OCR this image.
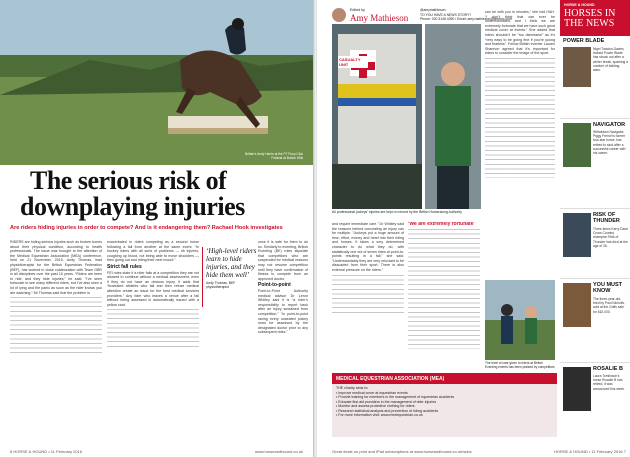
Britain’s Andy Harris at the P7 Pony Club Festival at Burton Hills
The serious risk of
downplaying injuries
Are riders hiding injuries in order to compete? And is it endangering them? Rachael Hook investigates

RIDERS are hiding serious injuries such as broken bones about their physical condition, according to health professionals. The issue was brought to the attention of the Medical Equestrian Association (MEA) conference, held on 21 November, 2015. Andy Thomas, lead physiotherapist for the British Equestrian Federation (BEF), has worked in close collaboration with Team GBR in all disciplines over the past 10 years. “Riders are keen to ride, and they hide injuries,” he said. “I’ve seen fortunate to see many different riders, but I’ve also seen a lot of lying and the panic as soon as the rider knows you are watching.” Mr Thomas said that the problem is

exacerbated in riders competing as a second horse following a fall from another at the same event. “In hockey riders with all sorts of problems — rib injuries, coughing up blood, not being able to move shoulders — then going out and riding their next mount.”

Strict fall rules

FEI rules state if a rider falls at a competition they are not allowed to continue without a medical assessment, even if they do not have an obvious injury. It adds that “frustrated athletes who fall and then refuse medical attention create an issue for the best medical services providers.” Any rider who leaves a venue after a fall without being assessed is automatically issued with a yellow card.

‘High-level riders learn to hide injuries, and they hide them well’
Andy Thomas, BEF physiotherapist

once it is safe for them to do so. Similarly to eventing, British Eventing (BE) rules stipulate that competitors who are suspended for medical reasons may not resume competition until they have confirmation of fitness to compete from an approved doctor.

Point-to-point

Point-to-Point Authority medical advisor Dr Lenor Whitley said it is “a rider’s responsibility to report back after an injury sustained from competition.” “In point-to-point racing every unseated jockey must be assessed by the designated doctor prior to any subsequent rides.”

6 HORSE & HOUND • 11 February 2016	www.horseandhound.co.uk
Edited by
Amy Mathieson
@amymathieson
TO YOU HAVE A NEWS STORY?
Phone: 020 3148 4390 / Email: amy.mathieson@timeinc.com
CASUALTY UNIT
All professional jockeys’ injuries are kept on record by the British Horseracing Authority

and require immediate care.” Dr Whitley said the reasons behind concealing an injury can be multiple. “Jockeys put a huge amount of time, effort, money and heart into their riding and horses. It takes a very determined character to do what they do, with statistically one out of seven rides at point-to-points resulting in a fall,” she said. “Understandably they are very reluctant to be dissuaded from their sport. There is also external pressure on the riders.”

can be with you in minutes,” she told H&H. “I don’t think that can ever be underestimated, and I think we are extremely fortunate that we have such good medical cover at events.” She added that riders shouldn’t be “too dismissive” as it’s “very easy to be going fine if you’re young and fearless”. Fellow British eventer Lauren Shannon agreed that it’s important for riders to consider the image of the sport.

‘We are extremely fortunate’
The level of care given to riders at British Eventing events has been praised by competitors
MEDICAL EQUESTRIAN ASSOCIATION (MEA)
THE charity aims to:
• Improve medical cover at equestrian events
• Provide training for members in the management of equestrian accidents
• Educate first aid providers in the management of rider injuries
• Monitor and assess protective clothing for riders
• Research statistical analysis and prevention of riding accidents
• For more information visit: www.medequestrian.co.uk
Great deals on print and iPad subscriptions at www.horseandhound.co.uk/subs	HORSE & HOUND • 11 February 2016 7
HORSE & HOUND
HORSES IN THE NEWS
POWER BLADE
Nigel Twiston-Davies trained Power Blade has struck out after a winter break, sparking a number of bidding wars.
NAVIGATOR
Withdrawn Navigator, Piggy French’s former four-star horse, has retired to stud after a successful career with his owner.
RISK OF THUNDER
Three-times Kerry Dave Cross Country champion Risk of Thunder has died at the age of 26.
YOU MUST KNOW
The three-year-old, bred by Paul Nicholls, sold at the Goffs sale for £62,000.
ROSALIE B
Laura Tomlinson’s horse Rosalie B has retired, it was announced this week.
